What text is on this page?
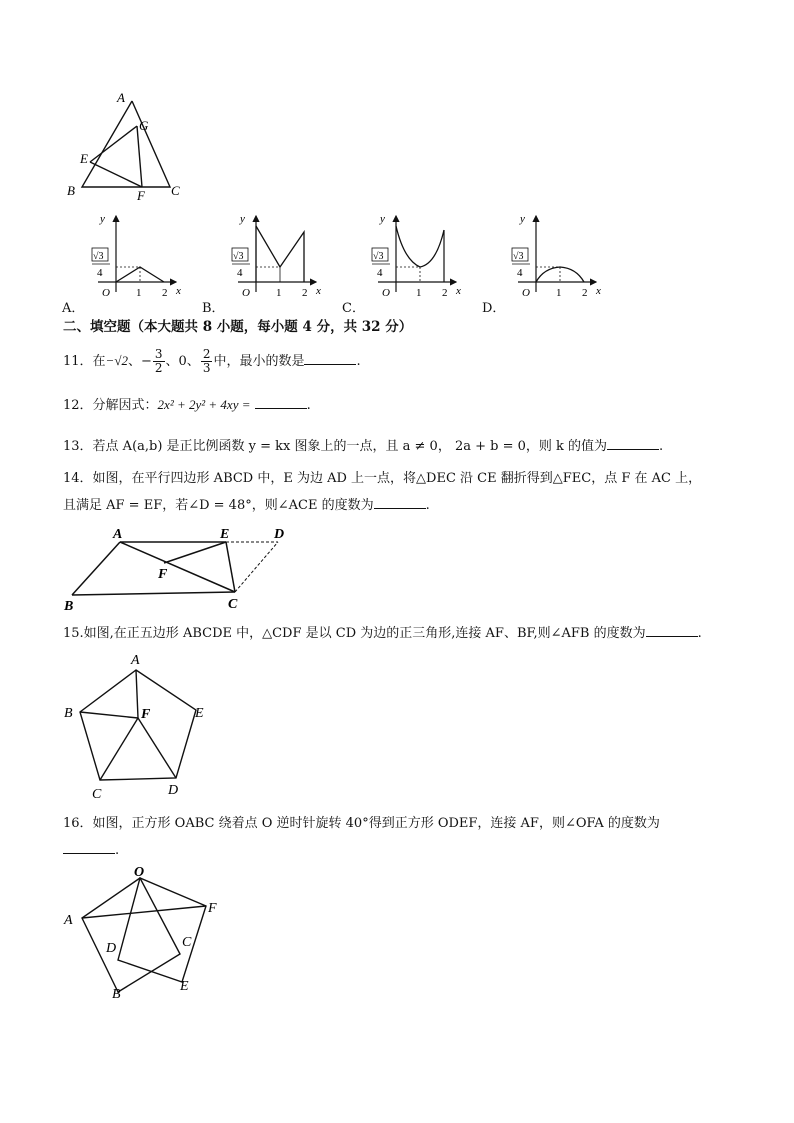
A
G
E
B	F C
y
x
O 1 2
√3
4
y
x
O 1 2
√3
4
y
x
O 1 2
√3
4
y
x
O 1 2
√3
4
A．	B．	C．	D．
二、填空题（本大题共 8 小题，每小题 4 分，共 32 分）
11．在−√2、− $\frac{3}{2}$ 、0、 $\frac{2}{3}$ 中，最小的数是	.
12．分解因式：2x² + 2y² + 4xy =	.
13．若点 A(a,b) 是正比例函数 y = kx 图象上的一点，且 a ≠ 0， 2a + b = 0，则 k 的值为	.
14．如图，在平行四边形 ABCD 中，E 为边 AD 上一点，将△DEC 沿 CE 翻折得到△FEC，点 F 在 AC 上，
且满足 AF = EF，若∠D = 48°，则∠ACE 的度数为	.
A	E	D
F
B	C
15.如图,在正五边形 ABCDE 中，△CDF 是以 CD 为边的正三角形,连接 AF、BF,则∠AFB 的度数为	.
A
B	F	E
C	D
16．如图，正方形 OABC 绕着点 O 逆时针旋转 40°得到正方形 ODEF，连接 AF，则∠OFA 的度数为
.
O
A
F
D	C
B
E
